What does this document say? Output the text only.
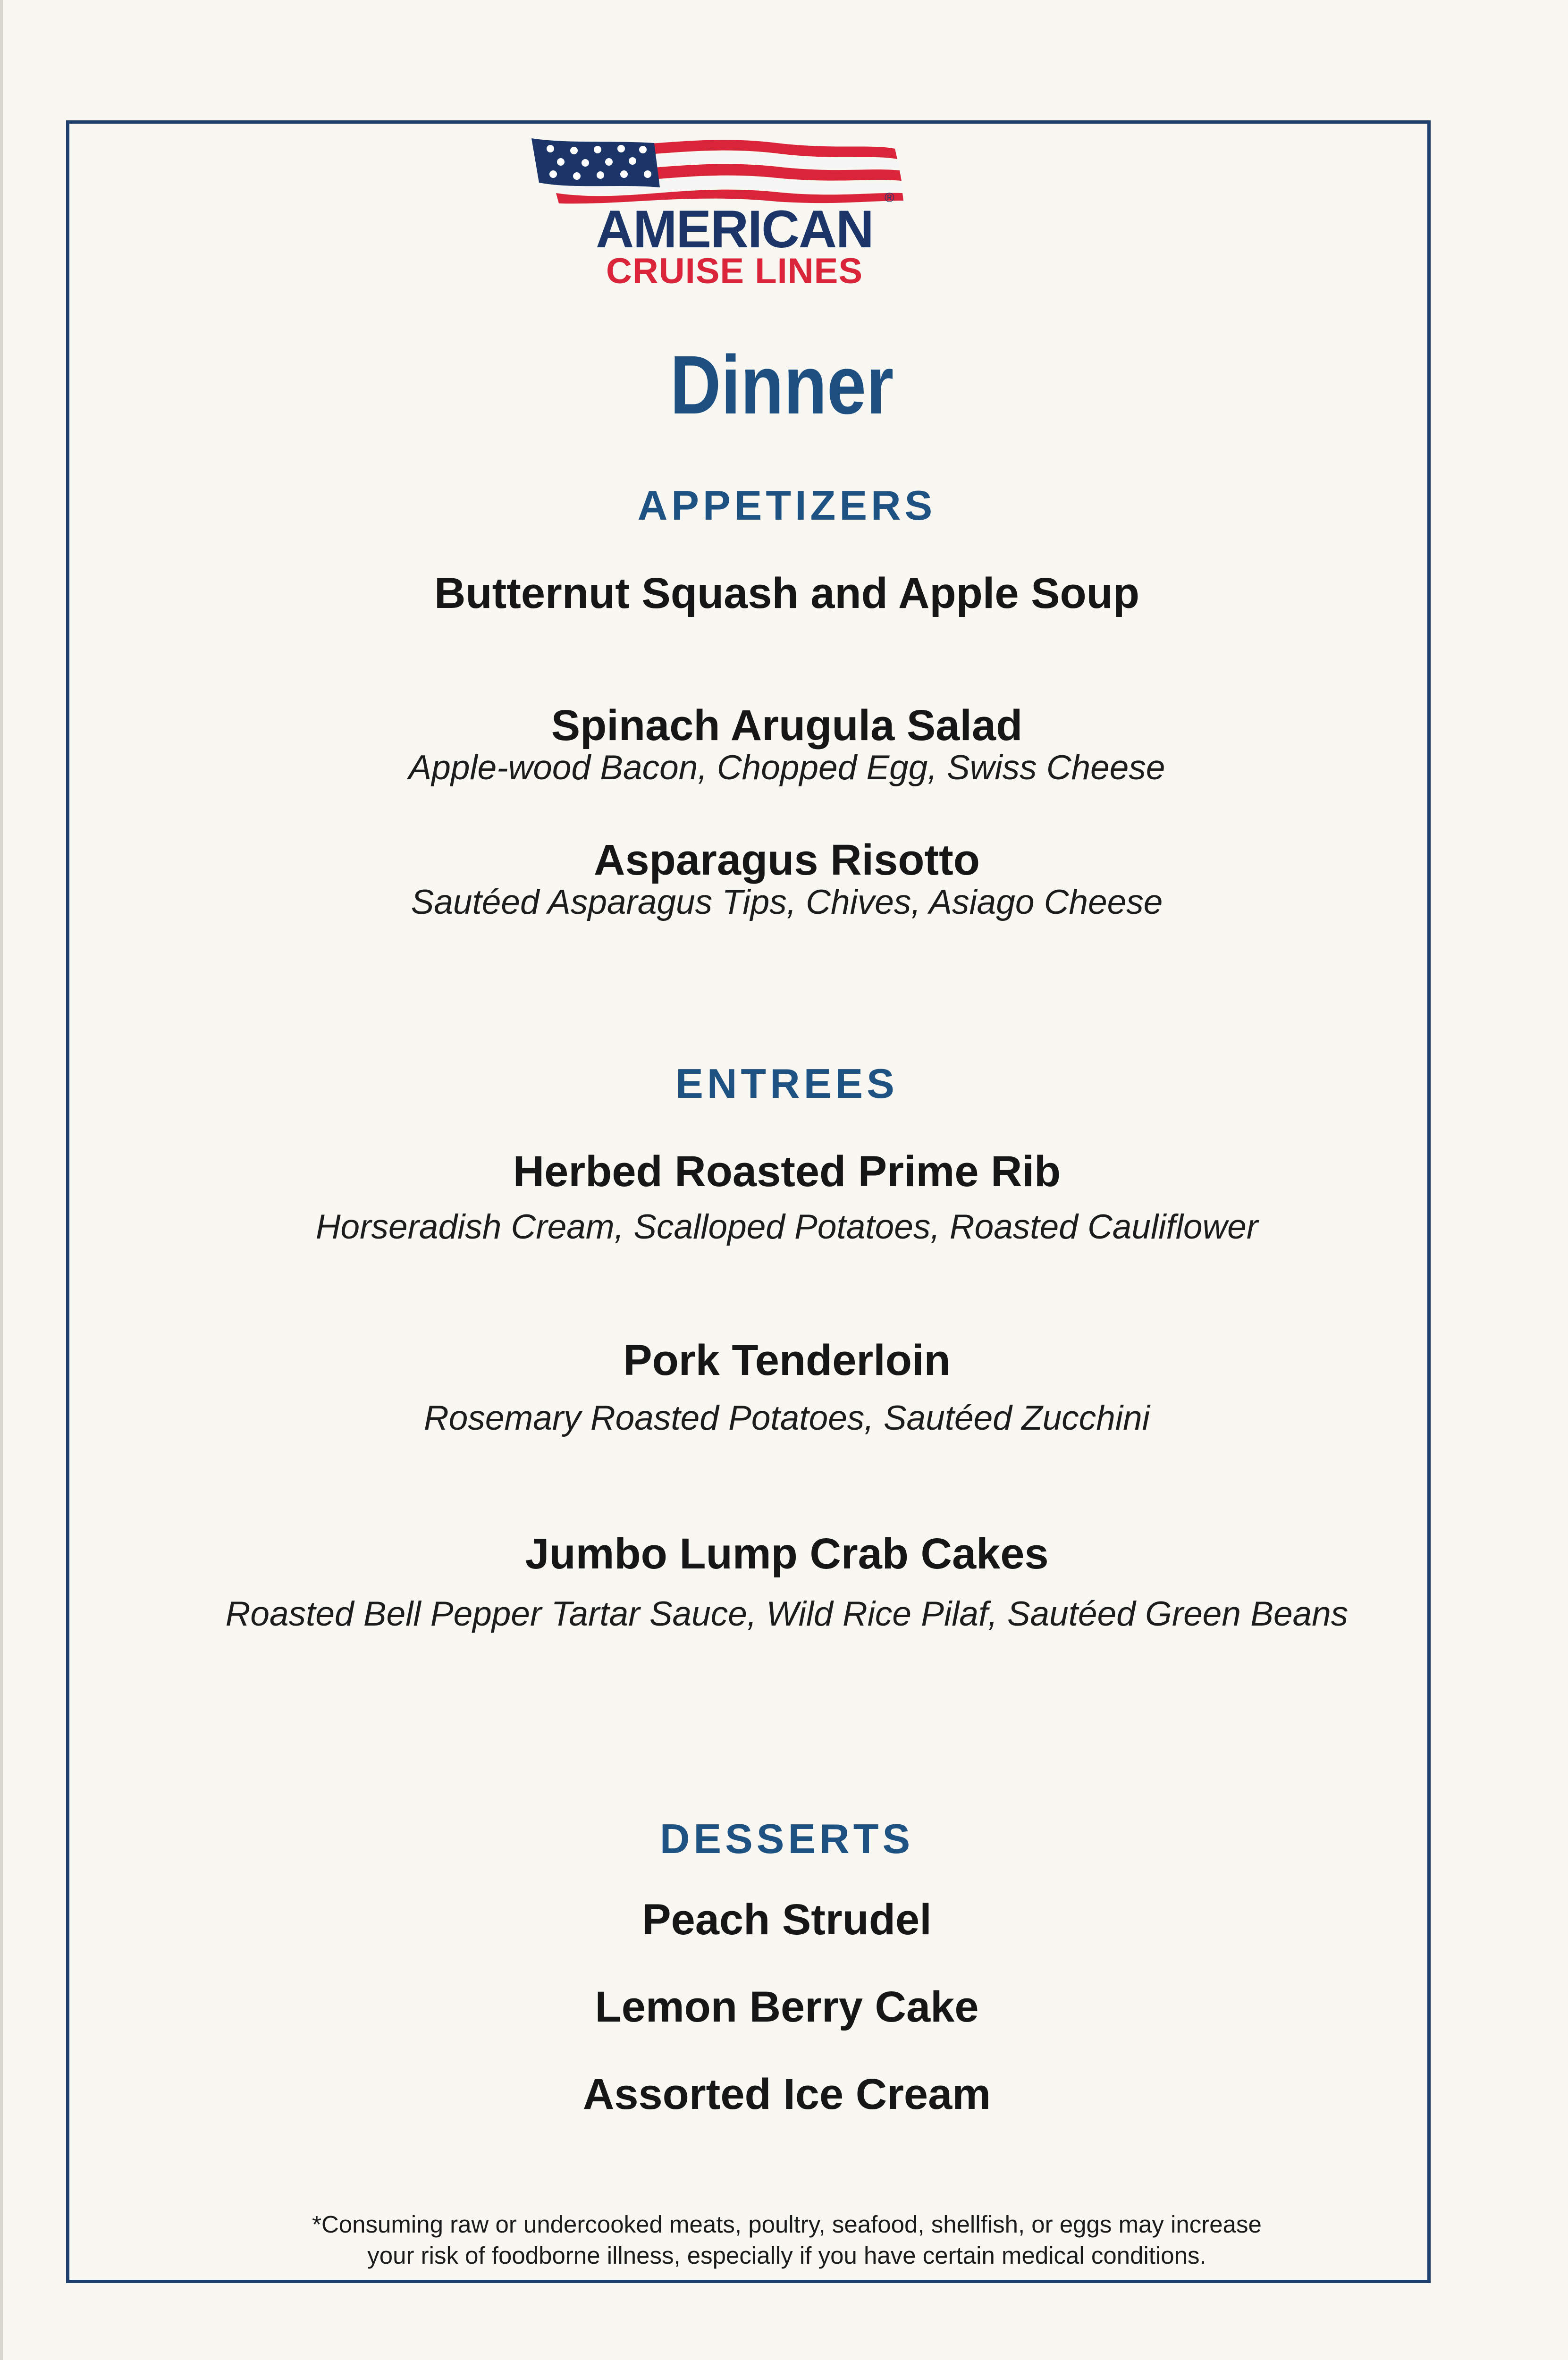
AMERICAN
®
CRUISE LINES
Dinner
APPETIZERS
Butternut Squash and Apple Soup
Spinach Arugula Salad
Apple-wood Bacon, Chopped Egg, Swiss Cheese
Asparagus Risotto
Sautéed Asparagus Tips, Chives, Asiago Cheese
ENTREES
Herbed Roasted Prime Rib
Horseradish Cream, Scalloped Potatoes, Roasted Cauliflower
Pork Tenderloin
Rosemary Roasted Potatoes, Sautéed Zucchini
Jumbo Lump Crab Cakes
Roasted Bell Pepper Tartar Sauce, Wild Rice Pilaf, Sautéed Green Beans
DESSERTS
Peach Strudel
Lemon Berry Cake
Assorted Ice Cream
*Consuming raw or undercooked meats, poultry, seafood, shellfish, or eggs may increase
your risk of foodborne illness, especially if you have certain medical conditions.
